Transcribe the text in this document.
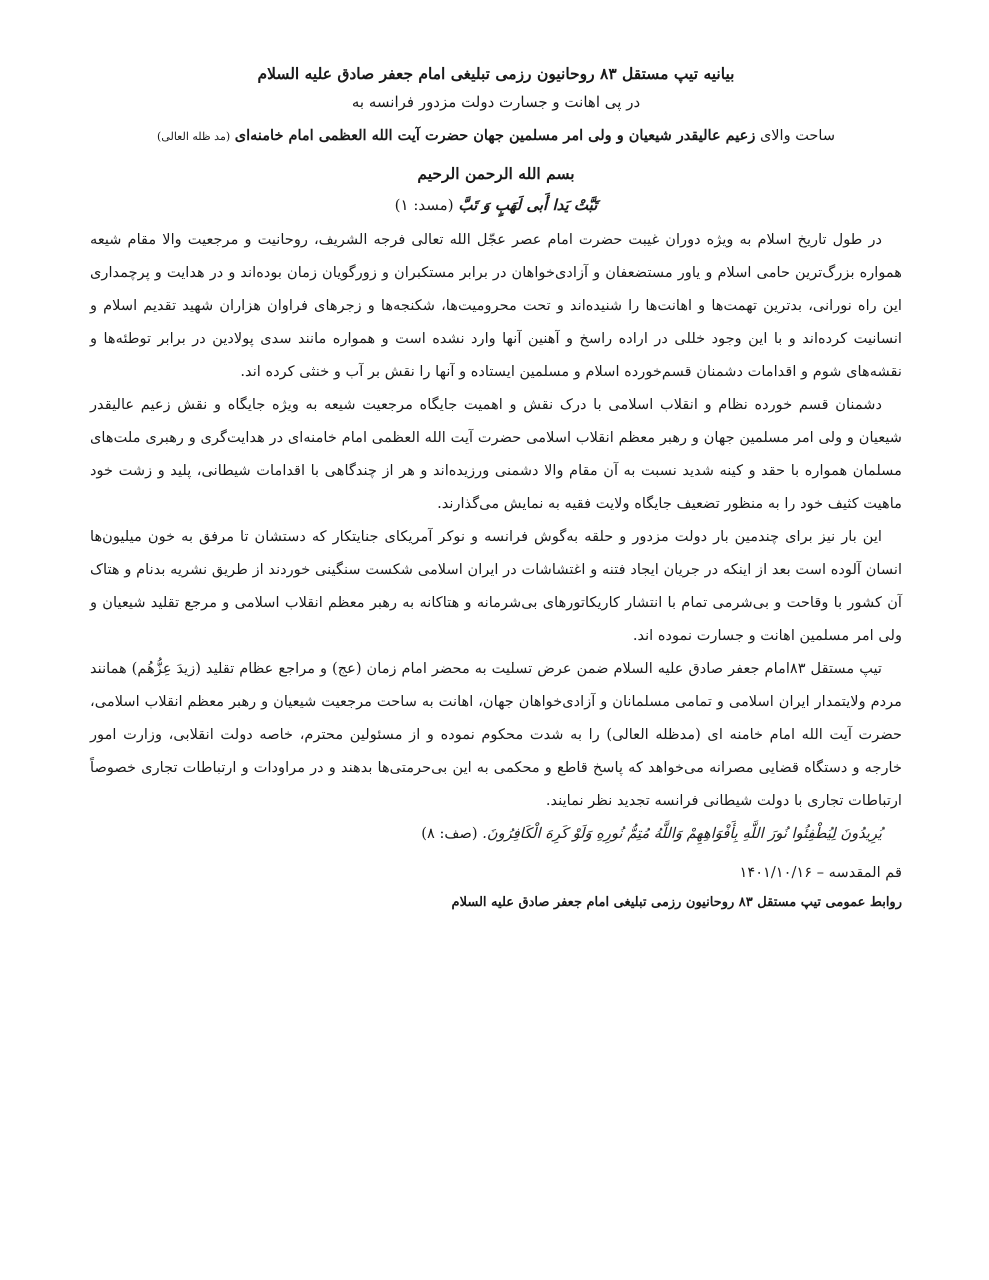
بیانیه تیپ مستقل ۸۳ روحانیون رزمی تبلیغی امام جعفر صادق علیه السلام

در پی اهانت و جسارت دولت مزدور فرانسه به

ساحت والای زعیم عالیقدر شیعیان و ولی امر مسلمین جهان حضرت آیت الله العظمی امام خامنه‌ای (مد ظله العالی)

بسم الله الرحمن الرحیم

تَبَّتْ یَدا أَبی لَهَبٍ وَ تَبَّ (مسد: ۱)

در طول تاریخ اسلام به ویژه دوران غیبت حضرت امام عصر عجّل الله تعالی فرجه الشریف، روحانیت و مرجعیت والا مقام شیعه همواره بزرگ‌ترین حامی اسلام و یاور مستضعفان و آزادی‌خواهان در برابر مستکبران و زورگویان زمان بوده‌اند و در هدایت و پرچمداری این راه نورانی، بدترین تهمت‌ها و اهانت‌ها را شنیده‌اند و تحت محرومیت‌ها، شکنجه‌ها و زجرهای فراوان هزاران شهید تقدیم اسلام و انسانیت کرده‌اند و با این وجود خللی در اراده راسخ و آهنین آنها وارد نشده است و همواره مانند سدی پولادین در برابر توطئه‌ها و نقشه‌های شوم و اقدامات دشمنان قسم‌خورده اسلام و مسلمین ایستاده و آنها را نقش بر آب و خنثی کرده اند.

دشمنان قسم خورده نظام و انقلاب اسلامی با درک نقش و اهمیت جایگاه مرجعیت شیعه به ویژه جایگاه و نقش زعیم عالیقدر شیعیان و ولی امر مسلمین جهان و رهبر معظم انقلاب اسلامی حضرت آیت الله العظمی امام خامنه‌ای در هدایت‌گری و رهبری ملت‌های مسلمان همواره با حقد و کینه شدید نسبت به آن مقام والا دشمنی ورزیده‌اند و هر از چندگاهی با اقدامات شیطانی، پلید و زشت خود ماهیت کثیف خود را به منظور تضعیف جایگاه ولایت فقیه به نمایش می‌گذارند.

این بار نیز برای چندمین بار دولت مزدور و حلقه به‌گوش فرانسه و نوکر آمریکای جنایتکار که دستشان تا مرفق به خون میلیون‌ها انسان آلوده است بعد از اینکه در جریان ایجاد فتنه و اغتشاشات در ایران اسلامی شکست سنگینی خوردند از طریق نشریه بدنام و هتاک آن کشور با وقاحت و بی‌شرمی تمام با انتشار کاریکاتورهای بی‌شرمانه و هتاکانه به رهبر معظم انقلاب اسلامی و مرجع تقلید شیعیان و ولی امر مسلمین اهانت و جسارت نموده اند.

تیپ مستقل ۸۳امام جعفر صادق علیه السلام ضمن عرض تسلیت به محضر امام زمان (عج) و مراجع عظام تقلید (زیدَ عِزُّهُم) همانند مردم ولایتمدار ایران اسلامی و تمامی مسلمانان و آزادی‌خواهان جهان، اهانت به ساحت مرجعیت شیعیان و رهبر معظم انقلاب اسلامی، حضرت آیت الله امام خامنه ای (مدظله العالی) را به شدت محکوم نموده و از مسئولین محترم، خاصه دولت انقلابی، وزارت امور خارجه و دستگاه قضایی مصرانه می‌خواهد که پاسخ قاطع و محکمی به این بی‌حرمتی‌ها بدهند و در مراودات و ارتباطات تجاری خصوصاً ارتباطات تجاری با دولت شیطانی فرانسه تجدید نظر نمایند.

یُرِیدُونَ لِیُطْفِئُوا نُورَ اللَّهِ بِأَفْوَاهِهِمْ وَاللَّهُ مُتِمُّ نُورِهِ وَلَوْ كَرِهَ الْكَافِرُونَ. (صف: ۸)

قم المقدسه – ۱۴۰۱/۱۰/۱۶

روابط عمومی تیپ مستقل ۸۳ روحانیون رزمی تبلیغی امام جعفر صادق علیه السلام
